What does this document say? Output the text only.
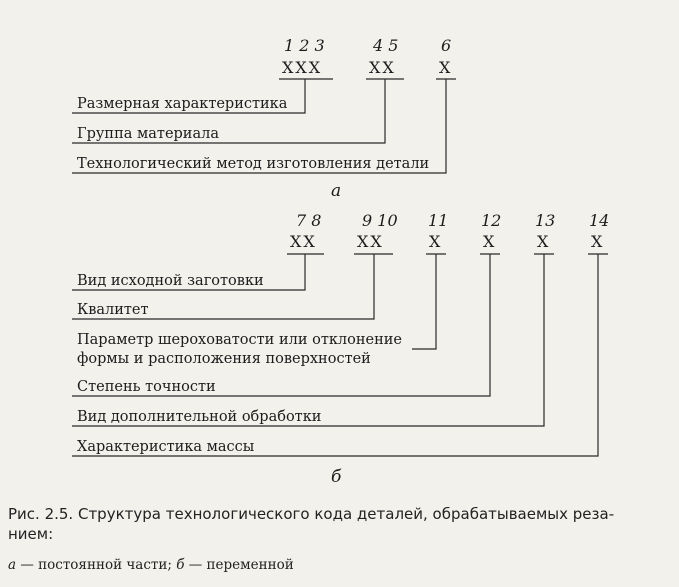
1 2 3	4 5	6
ХХХ	ХХ	Х
Размерная характеристика
Группа материала
Технологический метод изготовления детали
а
7 8	9 10 11 12 13 14
ХХ	ХХ	Х	Х	Х	Х
Вид исходной заготовки
Квалитет
Параметр шероховатости или отклонение
формы и расположения поверхностей
Степень точности
Вид дополнительной обработки
Характеристика массы
б

Рис. 2.5. Структура технологического кода деталей, обрабатываемых реза-

нием:

а — постоянной части; б — переменной
